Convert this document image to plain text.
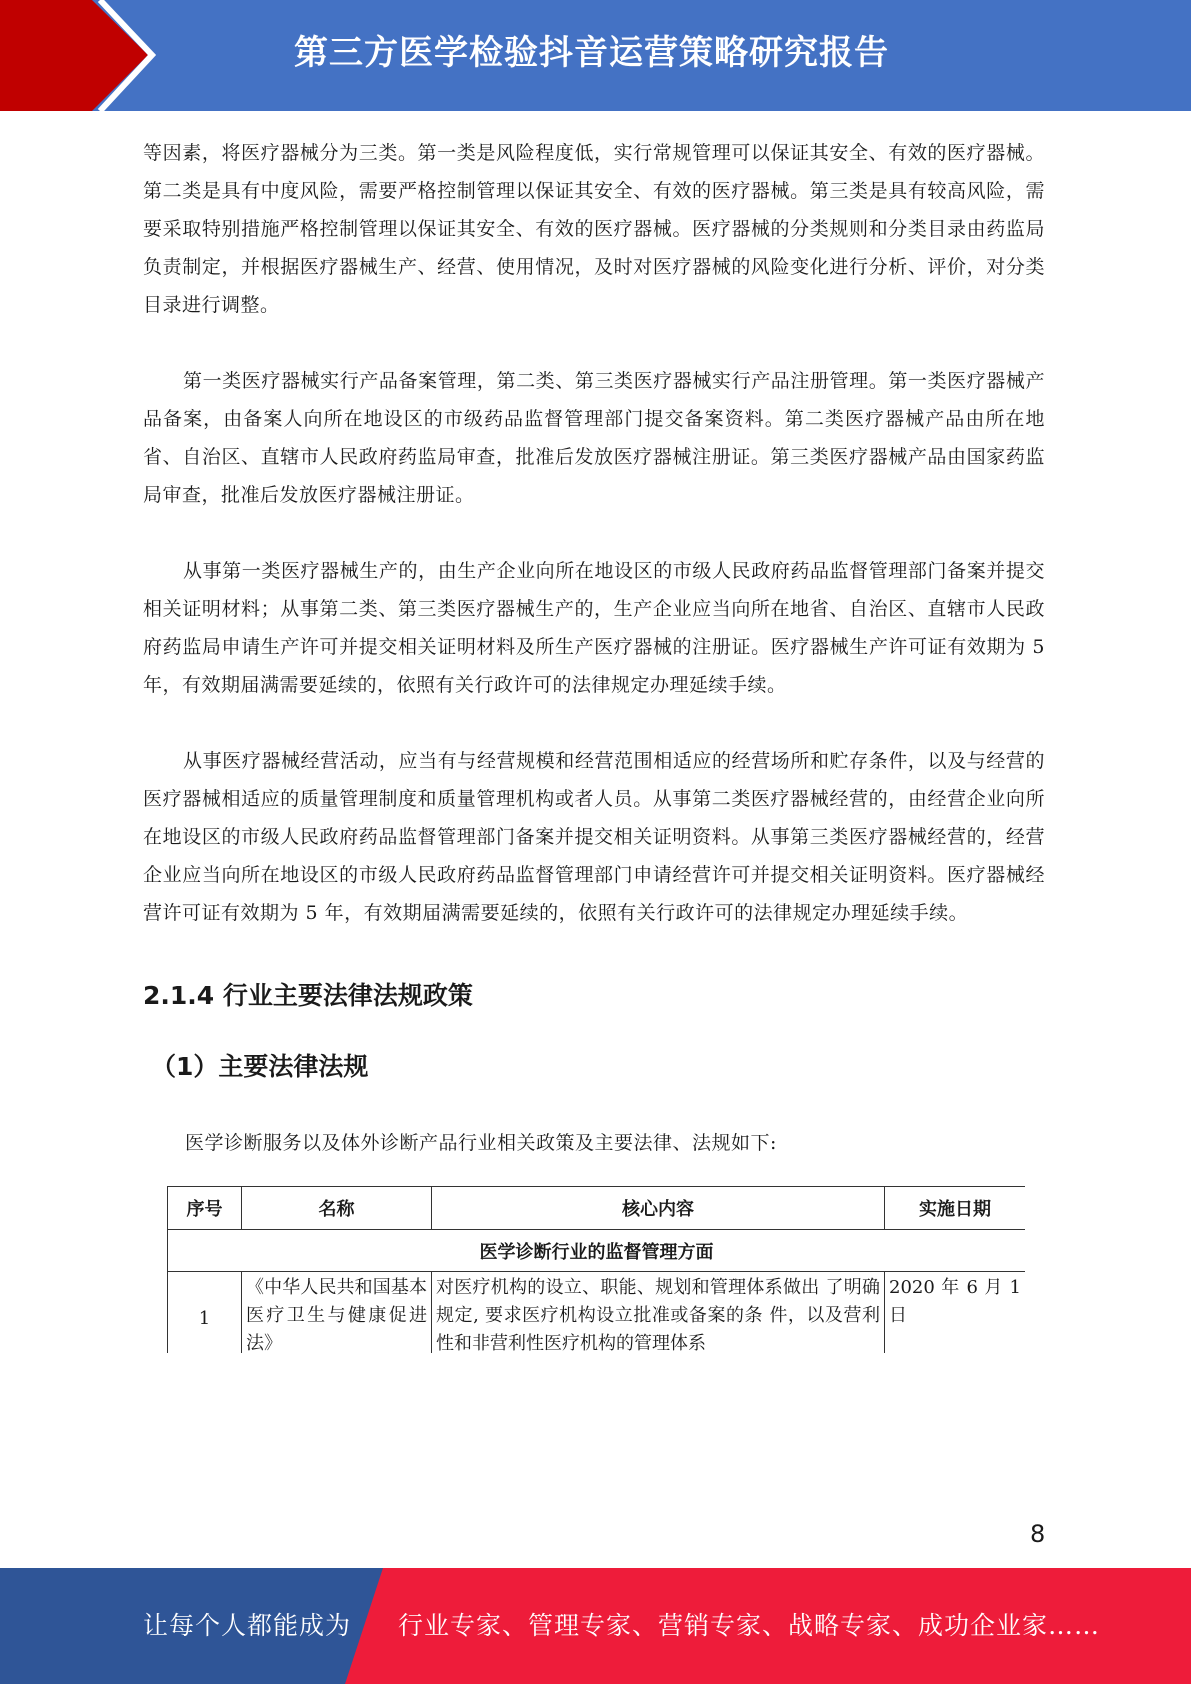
第三方医学检验抖音运营策略研究报告

等因素，将医疗器械分为三类。第一类是风险程度低，实行常规管理可以保证其安全、有效的医疗器械。第二类是具有中度风险，需要严格控制管理以保证其安全、有效的医疗器械。第三类是具有较高风险，需要采取特别措施严格控制管理以保证其安全、有效的医疗器械。医疗器械的分类规则和分类目录由药监局负责制定，并根据医疗器械生产、经营、使用情况，及时对医疗器械的风险变化进行分析、评价，对分类目录进行调整。

第一类医疗器械实行产品备案管理，第二类、第三类医疗器械实行产品注册管理。第一类医疗器械产品备案，由备案人向所在地设区的市级药品监督管理部门提交备案资料。第二类医疗器械产品由所在地省、自治区、直辖市人民政府药监局审查，批准后发放医疗器械注册证。第三类医疗器械产品由国家药监局审查，批准后发放医疗器械注册证。

从事第一类医疗器械生产的，由生产企业向所在地设区的市级人民政府药品监督管理部门备案并提交相关证明材料；从事第二类、第三类医疗器械生产的，生产企业应当向所在地省、自治区、直辖市人民政府药监局申请生产许可并提交相关证明材料及所生产医疗器械的注册证。医疗器械生产许可证有效期为 5 年，有效期届满需要延续的，依照有关行政许可的法律规定办理延续手续。

从事医疗器械经营活动，应当有与经营规模和经营范围相适应的经营场所和贮存条件，以及与经营的医疗器械相适应的质量管理制度和质量管理机构或者人员。从事第二类医疗器械经营的，由经营企业向所在地设区的市级人民政府药品监督管理部门备案并提交相关证明资料。从事第三类医疗器械经营的，经营企业应当向所在地设区的市级人民政府药品监督管理部门申请经营许可并提交相关证明资料。医疗器械经营许可证有效期为 5 年，有效期届满需要延续的，依照有关行政许可的法律规定办理延续手续。

2.1.4 行业主要法律法规政策
（1）主要法律法规

医学诊断服务以及体外诊断产品行业相关政策及主要法律、法规如下:

序号	名称	核心内容	实施日期
医学诊断行业的监督管理方面			
1	《中华人民共和国基本医疗卫生与健康促进法》	对医疗机构的设立、职能、规划和管理体系做出 了明确规定, 要求医疗机构设立批准或备案的条 件，以及营利性和非营利性医疗机构的管理体系	2020 年 6 月 1 日
8
让每个人都能成为 行业专家、管理专家、营销专家、战略专家、成功企业家……
